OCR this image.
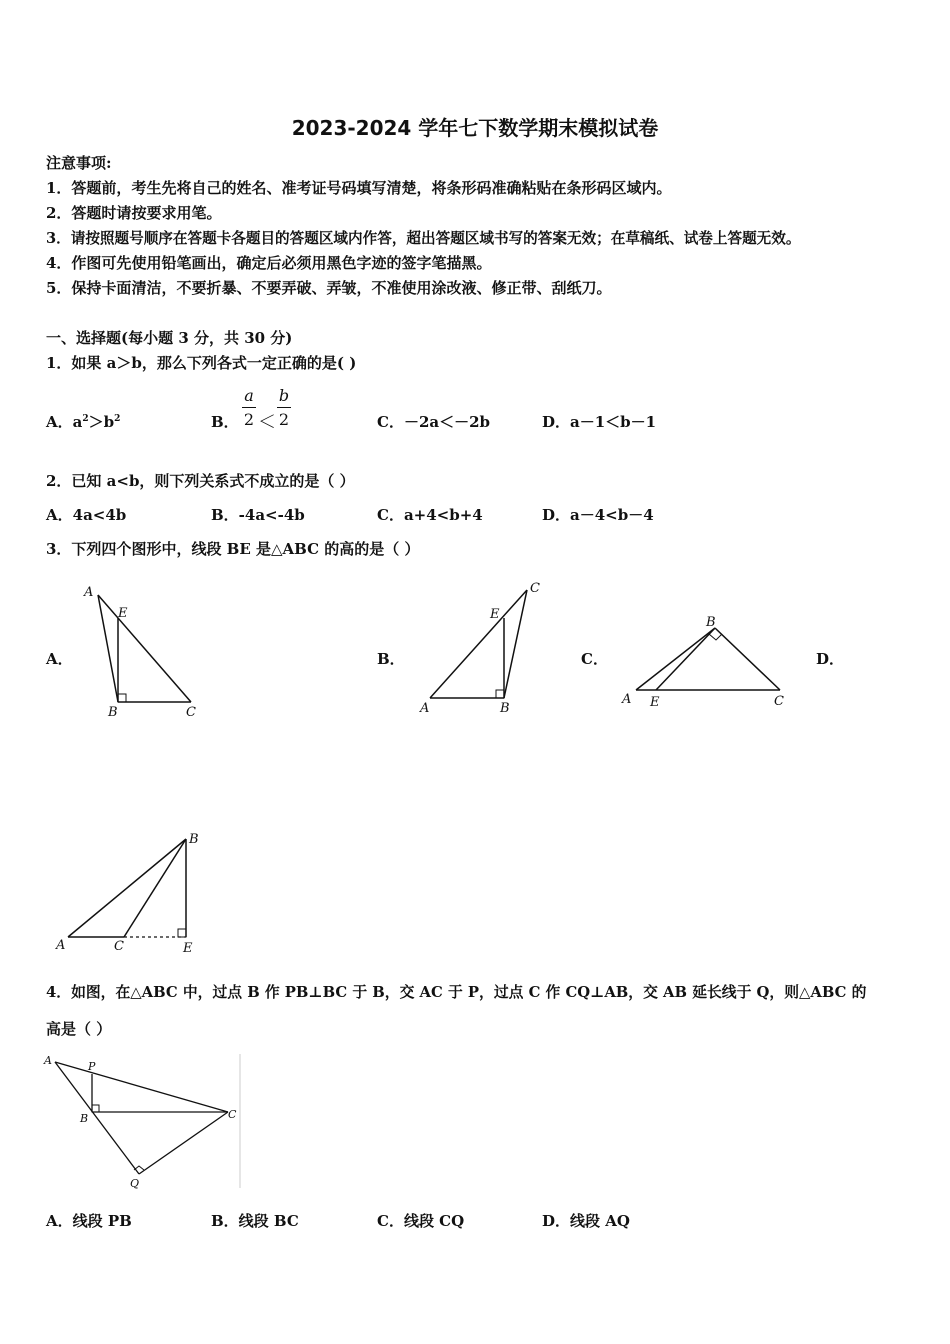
2023-2024 学年七下数学期末模拟试卷
注意事项:
1．答题前，考生先将自己的姓名、准考证号码填写清楚，将条形码准确粘贴在条形码区域内。
2．答题时请按要求用笔。
3．请按照题号顺序在答题卡各题目的答题区域内作答，超出答题区域书写的答案无效；在草稿纸、试卷上答题无效。
4．作图可先使用铅笔画出，确定后必须用黑色字迹的签字笔描黑。
5．保持卡面清洁，不要折暴、不要弄破、弄皱，不准使用涂改液、修正带、刮纸刀。
一、选择题(每小题 3 分，共 30 分)
1．如果 a＞b，那么下列各式一定正确的是( )
A．$a^2>b^2$	B．
a
2 ＜
b
2	C．－2a＜－2b	D．a－1＜b－1
2．已知 a<b，则下列关系式不成立的是（ ）
A．4a<4b	B．-4a<-4b	C．a+4<b+4	D．a－4<b－4
3．下列四个图形中，线段 BE 是△ABC 的高的是（ ）
A．	B．	C．	D．
A
E
B	C
C
E
A	B
B
A E	C
B
A	C	E
4．如图，在△ABC 中，过点 B 作 PB⊥BC 于 B，交 AC 于 P，过点 C 作 CQ⊥AB，交 AB 延长线于 Q，则△ABC 的
高是（ ）
A	P
B	C
Q
A．线段 PB	B．线段 BC	C．线段 CQ	D．线段 AQ
